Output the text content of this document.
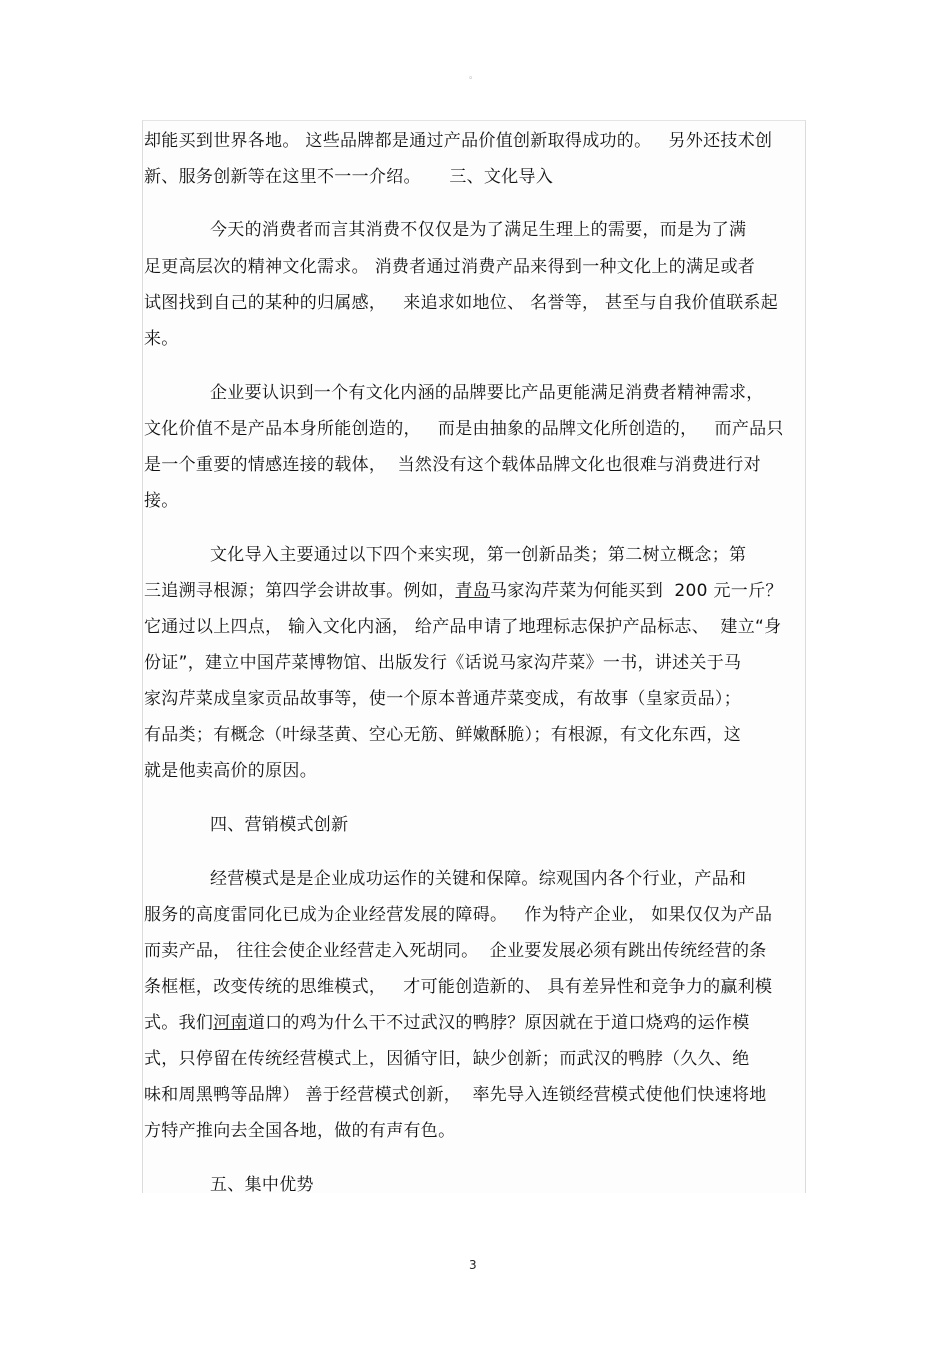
。
却能买到世界各地。 这些品牌都是通过产品价值创新取得成功的。   另外还技术创
新、服务创新等在这里不一一介绍。     三、文化导入
今天的消费者而言其消费不仅仅是为了满足生理上的需要，而是为了满
足更高层次的精神文化需求。 消费者通过消费产品来得到一种文化上的满足或者
试图找到自己的某种的归属感，   来追求如地位、 名誉等， 甚至与自我价值联系起
来。
企业要认识到一个有文化内涵的品牌要比产品更能满足消费者精神需求，
文化价值不是产品本身所能创造的，   而是由抽象的品牌文化所创造的，   而产品只
是一个重要的情感连接的载体，  当然没有这个载体品牌文化也很难与消费进行对
接。
文化导入主要通过以下四个来实现，第一创新品类；第二树立概念；第
三追溯寻根源；第四学会讲故事。例如，青岛马家沟芹菜为何能买到  200 元一斤？
它通过以上四点， 输入文化内涵， 给产品申请了地理标志保护产品标志、  建立“身
份证”，建立中国芹菜博物馆、出版发行《话说马家沟芹菜》一书，讲述关于马
家沟芹菜成皇家贡品故事等，使一个原本普通芹菜变成，有故事（皇家贡品）；
有品类；有概念（叶绿茎黄、空心无筋、鲜嫩酥脆）；有根源，有文化东西，这
就是他卖高价的原因。
四、营销模式创新
经营模式是是企业成功运作的关键和保障。综观国内各个行业，产品和
服务的高度雷同化已成为企业经营发展的障碍。   作为特产企业， 如果仅仅为产品
而卖产品， 往往会使企业经营走入死胡同。  企业要发展必须有跳出传统经营的条
条框框，改变传统的思维模式，   才可能创造新的、 具有差异性和竞争力的赢利模
式。我们河南道口的鸡为什么干不过武汉的鸭脖？原因就在于道口烧鸡的运作模
式，只停留在传统经营模式上，因循守旧，缺少创新；而武汉的鸭脖（久久、绝
味和周黑鸭等品牌） 善于经营模式创新，  率先导入连锁经营模式使他们快速将地
方特产推向去全国各地，做的有声有色。
五、集中优势
3
